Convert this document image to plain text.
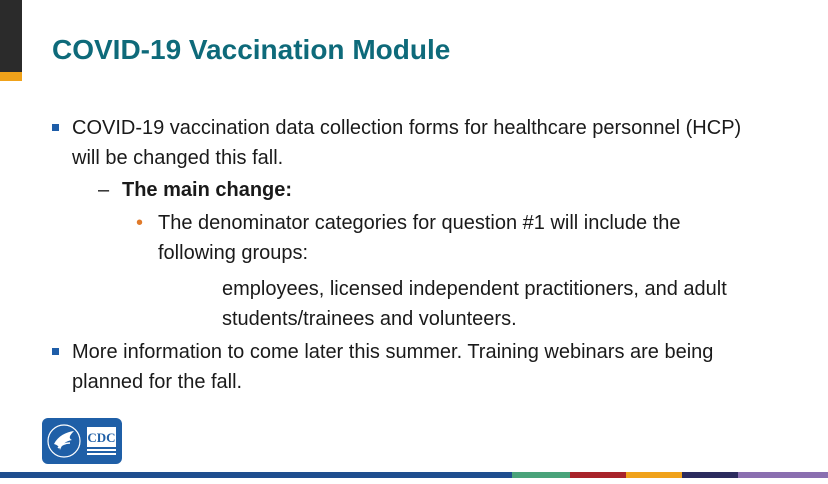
COVID-19 Vaccination Module
COVID-19 vaccination data collection forms for healthcare personnel (HCP)
will be changed this fall.
– The main change:
• The denominator categories for question #1 will include the
following groups:
employees, licensed independent practitioners, and adult
students/trainees and volunteers.
More information to come later this summer. Training webinars are being
planned for the fall.
CDC
